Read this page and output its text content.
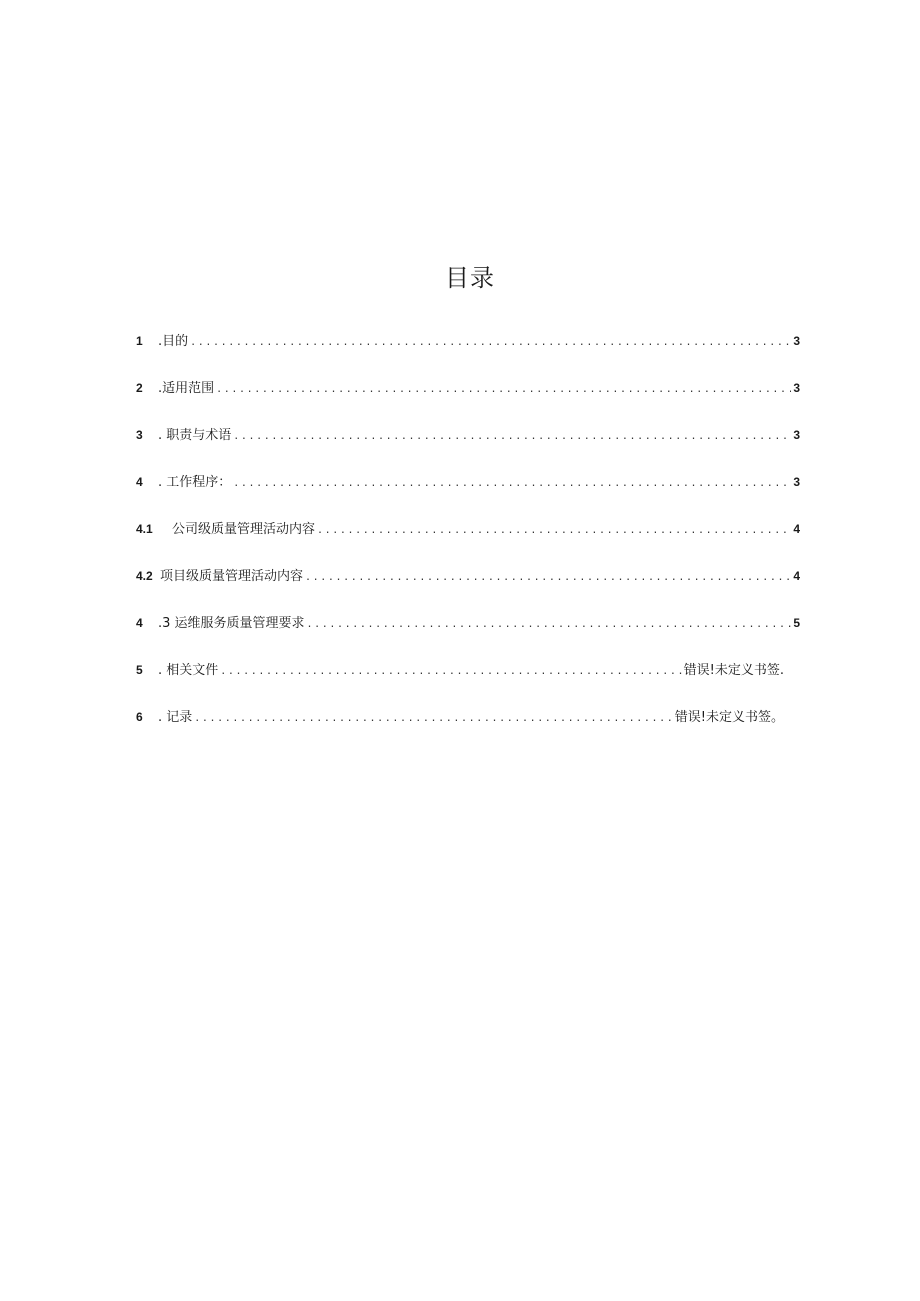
目录
1	.目的 .....	3
2	.适用范围 .....	3
3	. 职责与术语 .....	3
4	. 工作程序： .....	3
4.1	公司级质量管理活动内容 .....	4
4.2 项目级质量管理活动内容 .....	4
4	.3 运维服务质量管理要求 .....	5
5	. 相关文件 .....	错误!未定义书签.
6	. 记录 .....	错误!未定义书签。
